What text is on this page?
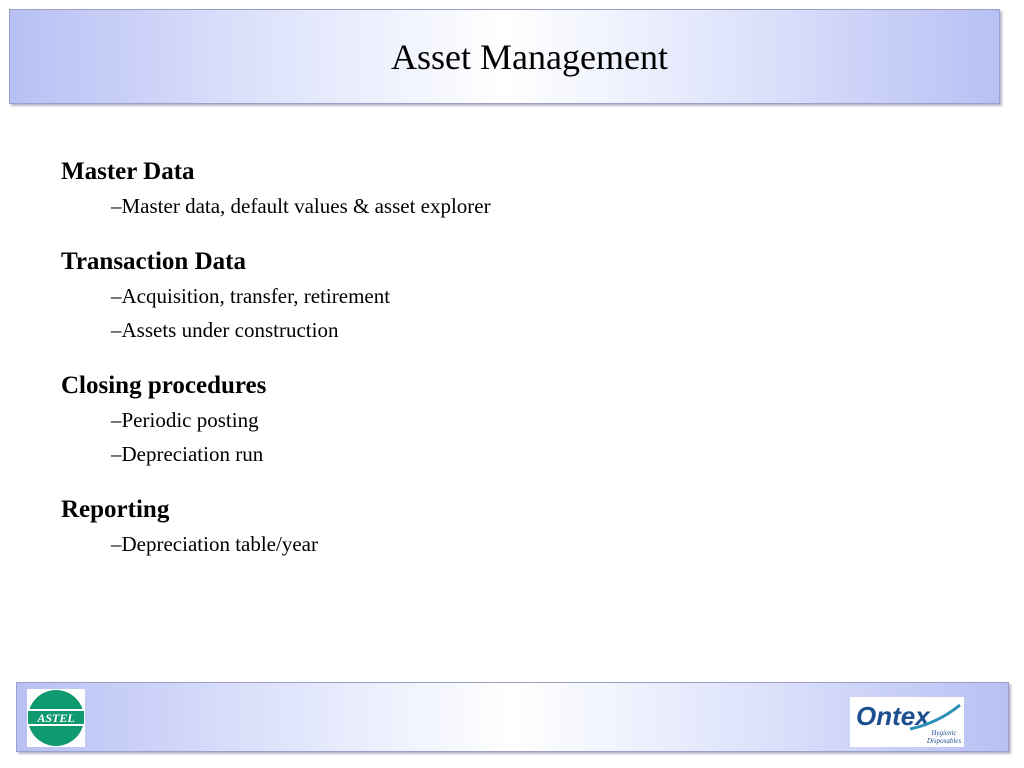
Asset Management
Master Data
–Master data, default values & asset explorer
Transaction Data
–Acquisition, transfer, retirement
–Assets under construction
Closing procedures
–Periodic posting
–Depreciation run
Reporting
–Depreciation table/year
ASTEL	Ontex
Hygienic
Disposables
